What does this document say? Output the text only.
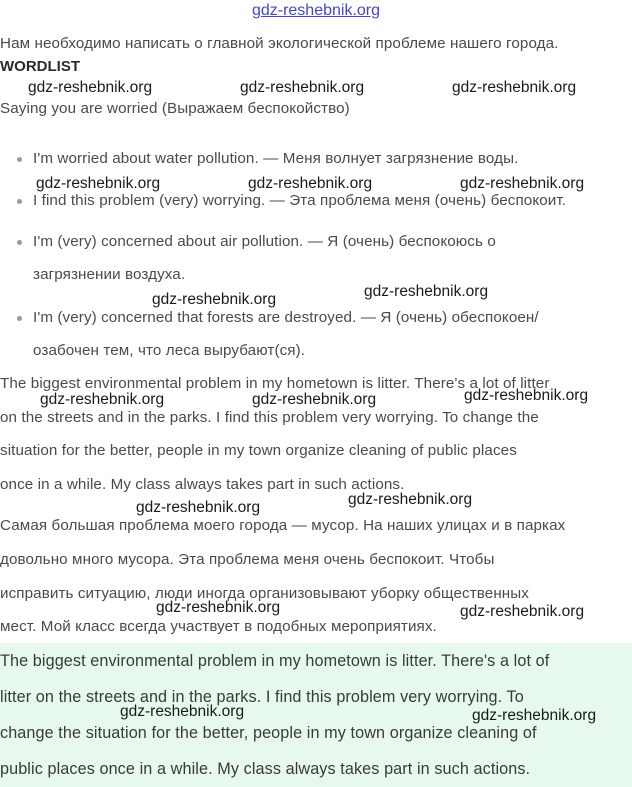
gdz-reshebnik.org
Нам необходимо написать о главной экологической проблеме нашего города.
WORDLIST
Saying you are worried (Выражаем беспокойство)
I'm worried about water pollution. — Меня волнует загрязнение воды.
I find this problem (very) worrying. — Эта проблема меня (очень) беспокоит.
I'm (very) concerned about air pollution. — Я (очень) беспокоюсь о
загрязнении воздуха.
I'm (very) concerned that forests are destroyed. — Я (очень) обеспокоен/
озабочен тем, что леса вырубают(ся).
The biggest environmental problem in my hometown is litter. There's a lot of litter
on the streets and in the parks. I find this problem very worrying. To change the
situation for the better, people in my town organize cleaning of public places
once in a while. My class always takes part in such actions.
Самая большая проблема моего города — мусор. На наших улицах и в парках
довольно много мусора. Эта проблема меня очень беспокоит. Чтобы
исправить ситуацию, люди иногда организовывают уборку общественных
мест. Мой класс всегда участвует в подобных мероприятиях.
The biggest environmental problem in my hometown is litter. There's a lot of
litter on the streets and in the parks. I find this problem very worrying. To
change the situation for the better, people in my town organize cleaning of
public places once in a while. My class always takes part in such actions.
gdz-reshebnik.org	gdz-reshebnik.org	gdz-reshebnik.org
gdz-reshebnik.org	gdz-reshebnik.org	gdz-reshebnik.org
gdz-reshebnik.org	gdz-reshebnik.org
gdz-reshebnik.org	gdz-reshebnik.org	gdz-reshebnik.org
gdz-reshebnik.org	gdz-reshebnik.org
gdz-reshebnik.org	gdz-reshebnik.org
gdz-reshebnik.org	gdz-reshebnik.org
